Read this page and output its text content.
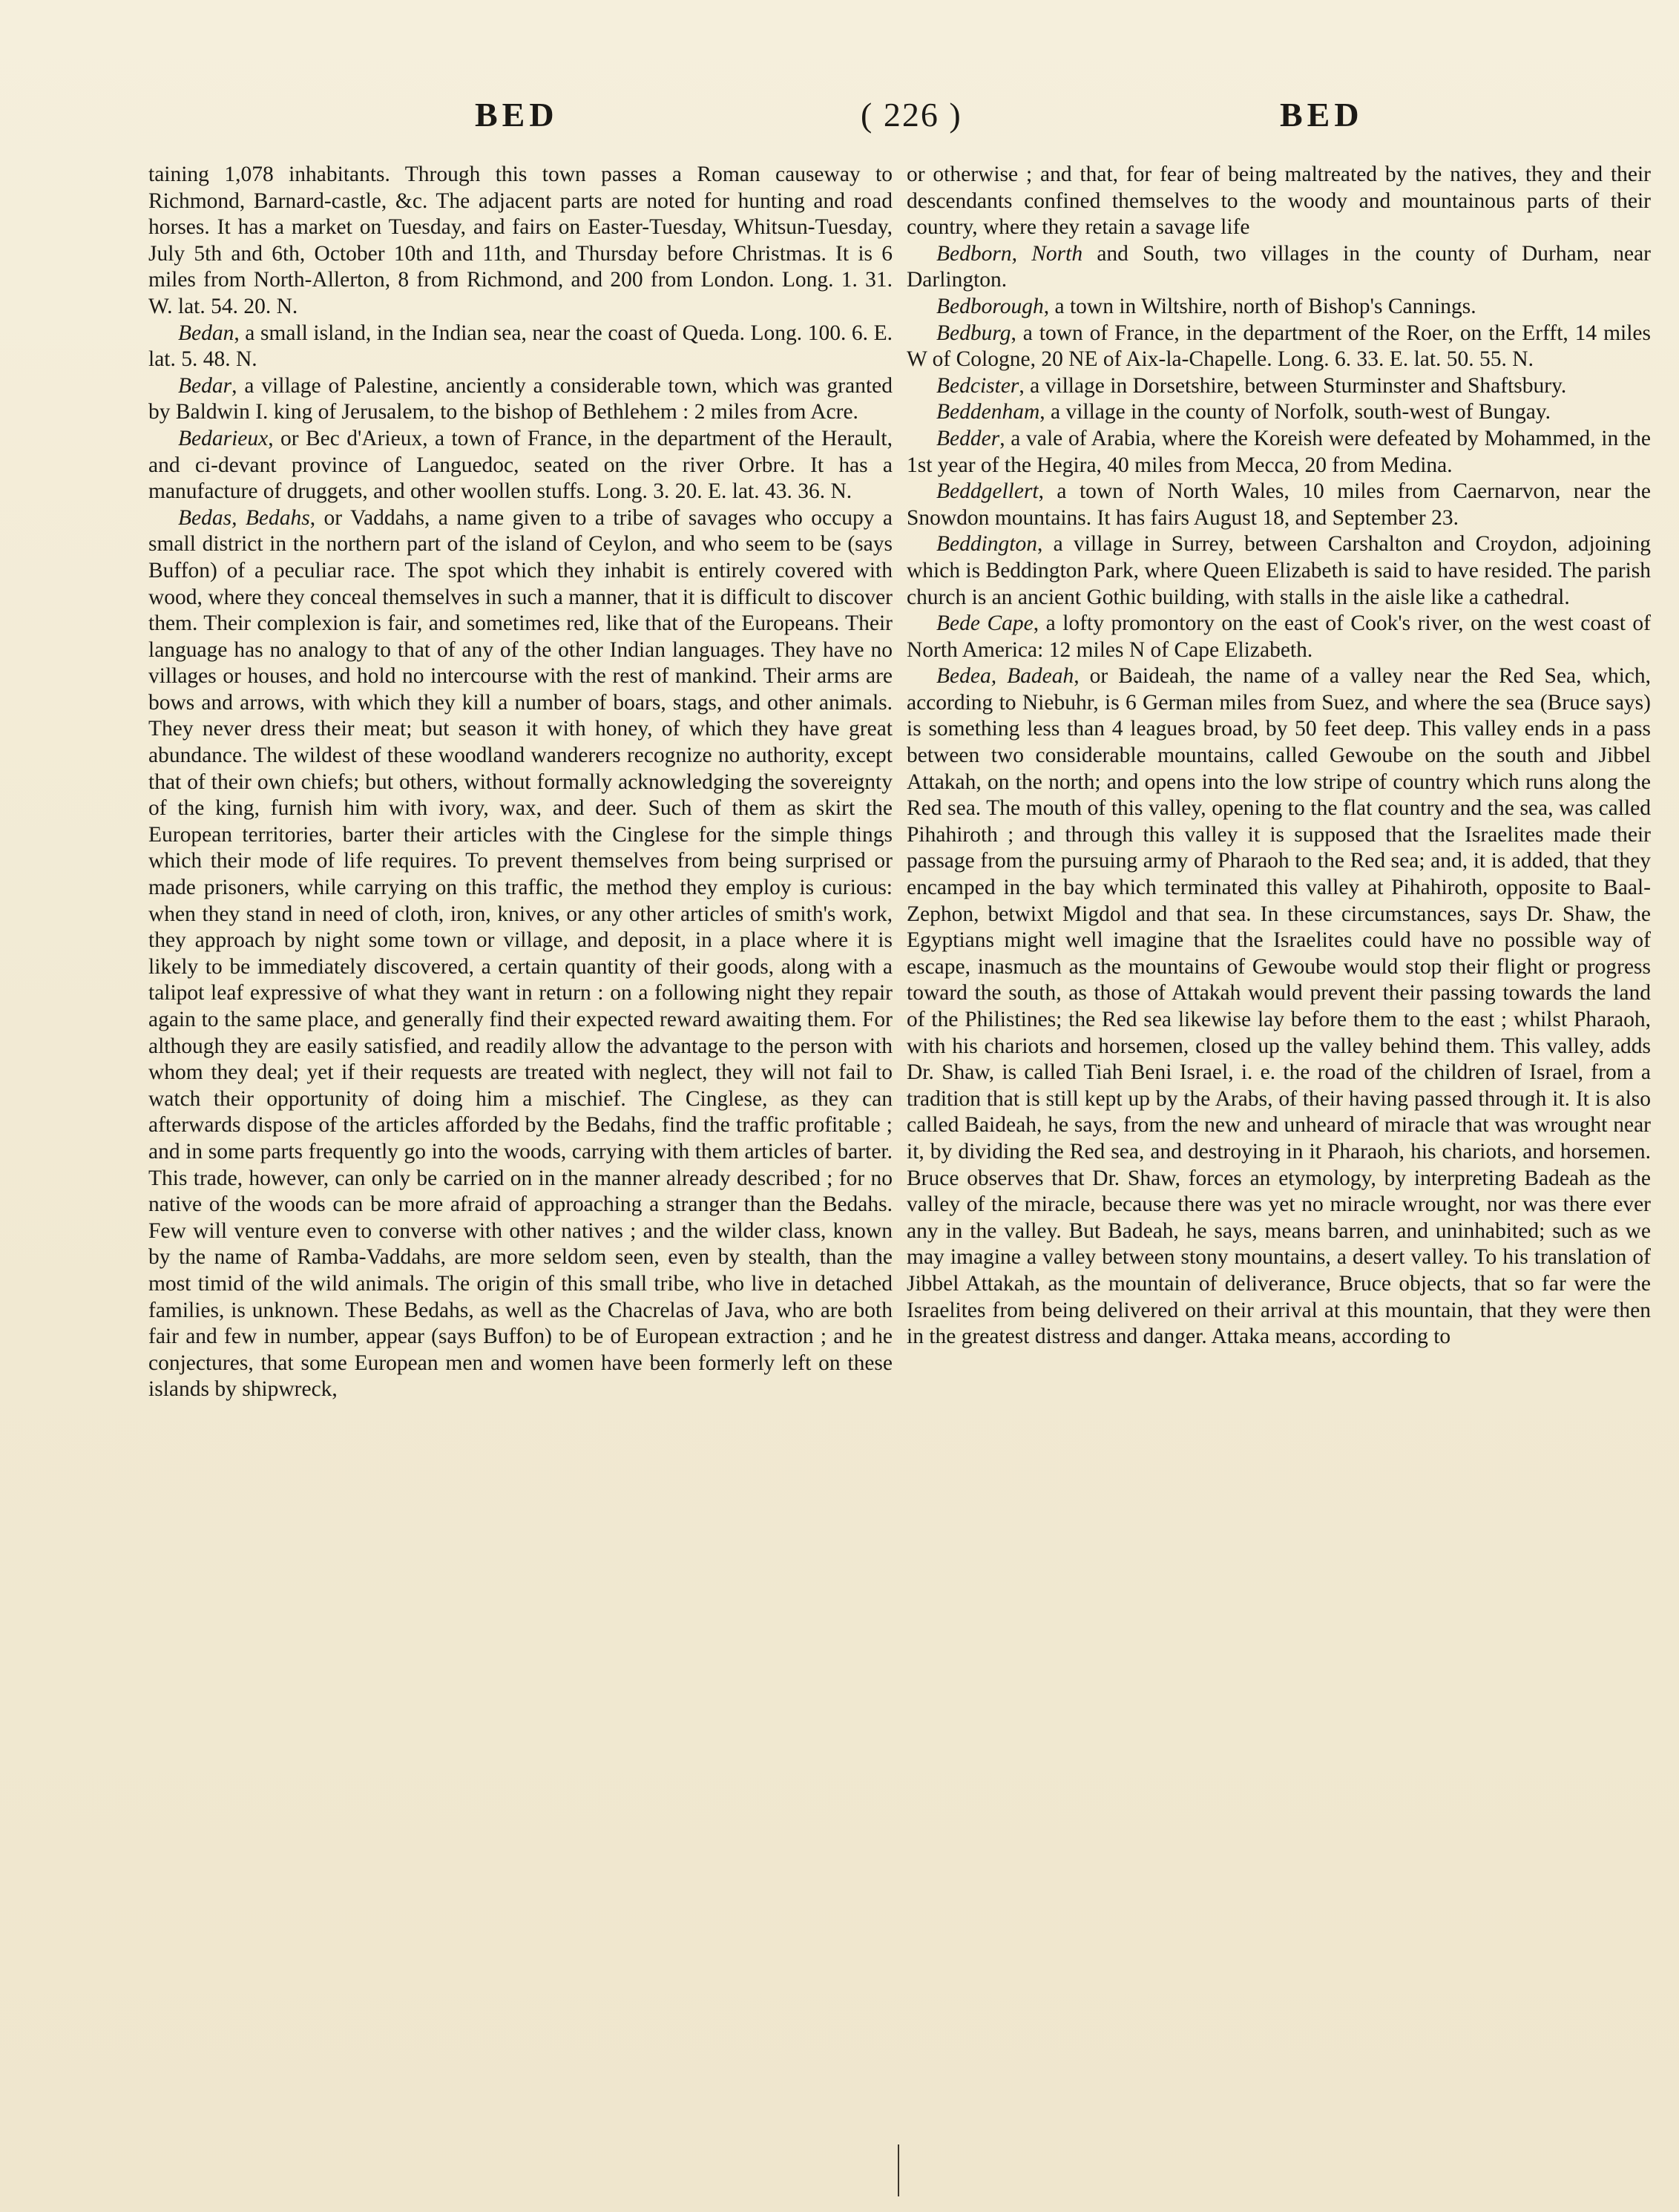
BED	( 226 )	BED

taining 1,078 inhabitants. Through this town passes a Roman causeway to Richmond, Barnard-castle, &c. The adjacent parts are noted for hunting and road horses. It has a market on Tuesday, and fairs on Easter-Tuesday, Whitsun-Tuesday, July 5th and 6th, October 10th and 11th, and Thursday before Christmas. It is 6 miles from North-Allerton, 8 from Richmond, and 200 from London. Long. 1. 31. W. lat. 54. 20. N.

Bedan, a small island, in the Indian sea, near the coast of Queda. Long. 100. 6. E. lat. 5. 48. N.

Bedar, a village of Palestine, anciently a considerable town, which was granted by Baldwin I. king of Jerusalem, to the bishop of Bethlehem : 2 miles from Acre.

Bedarieux, or Bec d'Arieux, a town of France, in the department of the Herault, and ci-devant province of Languedoc, seated on the river Orbre. It has a manufacture of druggets, and other woollen stuffs. Long. 3. 20. E. lat. 43. 36. N.

Bedas, Bedahs, or Vaddahs, a name given to a tribe of savages who occupy a small district in the northern part of the island of Ceylon, and who seem to be (says Buffon) of a peculiar race. The spot which they inhabit is entirely covered with wood, where they conceal themselves in such a manner, that it is difficult to discover them. Their complexion is fair, and sometimes red, like that of the Europeans. Their language has no analogy to that of any of the other Indian languages. They have no villages or houses, and hold no intercourse with the rest of mankind. Their arms are bows and arrows, with which they kill a number of boars, stags, and other animals. They never dress their meat; but season it with honey, of which they have great abundance. The wildest of these woodland wanderers recognize no authority, except that of their own chiefs; but others, without formally acknowledging the sovereignty of the king, furnish him with ivory, wax, and deer. Such of them as skirt the European territories, barter their articles with the Cinglese for the simple things which their mode of life requires. To prevent themselves from being surprised or made prisoners, while carrying on this traffic, the method they employ is curious: when they stand in need of cloth, iron, knives, or any other articles of smith's work, they approach by night some town or village, and deposit, in a place where it is likely to be immediately discovered, a certain quantity of their goods, along with a talipot leaf expressive of what they want in return : on a following night they repair again to the same place, and generally find their expected reward awaiting them. For although they are easily satisfied, and readily allow the advantage to the person with whom they deal; yet if their requests are treated with neglect, they will not fail to watch their opportunity of doing him a mischief. The Cinglese, as they can afterwards dispose of the articles afforded by the Bedahs, find the traffic profitable ; and in some parts frequently go into the woods, carrying with them articles of barter. This trade, however, can only be carried on in the manner already described ; for no native of the woods can be more afraid of approaching a stranger than the Bedahs. Few will venture even to converse with other natives ; and the wilder class, known by the name of Ramba-Vaddahs, are more seldom seen, even by stealth, than the most timid of the wild animals. The origin of this small tribe, who live in detached families, is unknown. These Bedahs, as well as the Chacrelas of Java, who are both fair and few in number, appear (says Buffon) to be of European extraction ; and he conjectures, that some European men and women have been formerly left on these islands by shipwreck,

or otherwise ; and that, for fear of being maltreated by the natives, they and their descendants confined themselves to the woody and mountainous parts of their country, where they retain a savage life

Bedborn, North and South, two villages in the county of Durham, near Darlington.

Bedborough, a town in Wiltshire, north of Bishop's Cannings.

Bedburg, a town of France, in the department of the Roer, on the Erfft, 14 miles W of Cologne, 20 NE of Aix-la-Chapelle. Long. 6. 33. E. lat. 50. 55. N.

Bedcister, a village in Dorsetshire, between Sturminster and Shaftsbury.

Beddenham, a village in the county of Norfolk, south-west of Bungay.

Bedder, a vale of Arabia, where the Koreish were defeated by Mohammed, in the 1st year of the Hegira, 40 miles from Mecca, 20 from Medina.

Beddgellert, a town of North Wales, 10 miles from Caernarvon, near the Snowdon mountains. It has fairs August 18, and September 23.

Beddington, a village in Surrey, between Carshalton and Croydon, adjoining which is Beddington Park, where Queen Elizabeth is said to have resided. The parish church is an ancient Gothic building, with stalls in the aisle like a cathedral.

Bede Cape, a lofty promontory on the east of Cook's river, on the west coast of North America: 12 miles N of Cape Elizabeth.

Bedea, Badeah, or Baideah, the name of a valley near the Red Sea, which, according to Niebuhr, is 6 German miles from Suez, and where the sea (Bruce says) is something less than 4 leagues broad, by 50 feet deep. This valley ends in a pass between two considerable mountains, called Gewoube on the south and Jibbel Attakah, on the north; and opens into the low stripe of country which runs along the Red sea. The mouth of this valley, opening to the flat country and the sea, was called Pihahiroth ; and through this valley it is supposed that the Israelites made their passage from the pursuing army of Pharaoh to the Red sea; and, it is added, that they encamped in the bay which terminated this valley at Pihahiroth, opposite to Baal-Zephon, betwixt Migdol and that sea. In these circumstances, says Dr. Shaw, the Egyptians might well imagine that the Israelites could have no possible way of escape, inasmuch as the mountains of Gewoube would stop their flight or progress toward the south, as those of Attakah would prevent their passing towards the land of the Philistines; the Red sea likewise lay before them to the east ; whilst Pharaoh, with his chariots and horsemen, closed up the valley behind them. This valley, adds Dr. Shaw, is called Tiah Beni Israel, i. e. the road of the children of Israel, from a tradition that is still kept up by the Arabs, of their having passed through it. It is also called Baideah, he says, from the new and unheard of miracle that was wrought near it, by dividing the Red sea, and destroying in it Pharaoh, his chariots, and horsemen. Bruce observes that Dr. Shaw, forces an etymology, by interpreting Badeah as the valley of the miracle, because there was yet no miracle wrought, nor was there ever any in the valley. But Badeah, he says, means barren, and uninhabited; such as we may imagine a valley between stony mountains, a desert valley. To his translation of Jibbel Attakah, as the mountain of deliverance, Bruce objects, that so far were the Israelites from being delivered on their arrival at this mountain, that they were then in the greatest distress and danger. Attaka means, according to
